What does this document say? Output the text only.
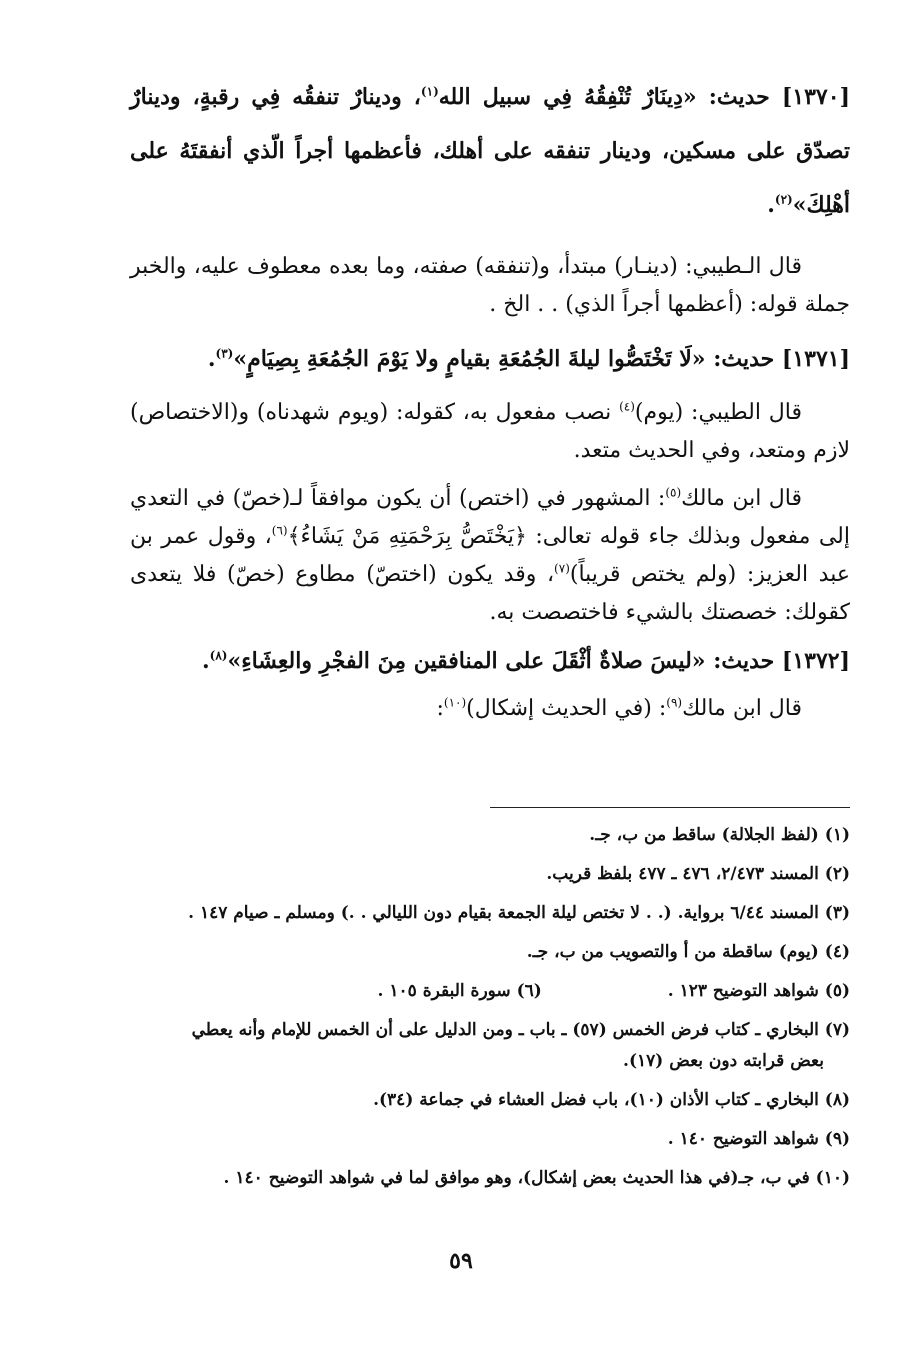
[١٣٧٠] حديث: «دِينَارٌ تُنْفِقُهُ فِي سبيل الله$^{(١)}$، ودينارٌ تنفقُه فِي رقبةٍ، ودينارٌ تصدّق على مسكين، ودينار تنفقه على أهلك، فأعظمها أجراً الّذي أنفقتَهُ على أهْلِكَ»$^{(٢)}$.

قال الـطيبي: (دينـار) مبتدأ، و(تنفقه) صفته، وما بعده معطوف عليه، والخبر جملة قوله: (أعظمها أجراً الذي) . . الخ .

[١٣٧١] حديث: «لَا تَخْتَصُّوا ليلةَ الجُمُعَةِ بقيامٍ ولا يَوْمَ الجُمُعَةِ بِصِيَامٍ»$^{(٣)}$.

قال الطيبي: (يوم)$^{(٤)}$ نصب مفعول به، كقوله: (ويوم شهدناه) و(الاختصاص) لازم ومتعد، وفي الحديث متعد.

قال ابن مالك$^{(٥)}$: المشهور في (اختص) أن يكون موافقاً لـ(خصّ) في التعدي إلى مفعول وبذلك جاء قوله تعالى: ﴿يَخْتَصُّ بِرَحْمَتِهِ مَنْ يَشَاءُ﴾$^{(٦)}$، وقول عمر بن عبد العزيز: (ولم يختص قريباً)$^{(٧)}$، وقد يكون (اختصّ) مطاوع (خصّ) فلا يتعدى كقولك: خصصتك بالشيء فاختصصت به.

[١٣٧٢] حديث: «ليسَ صلاةٌ أثْقَلَ على المنافقين مِنَ الفجْرِ والعِشَاءِ»$^{(٨)}$.

قال ابن مالك$^{(٩)}$: (في الحديث إشكال)$^{(١٠)}$:

(١) (لفظ الجلالة) ساقط من ب، جـ.

(٢) المسند ٢/٤٧٣، ٤٧٦ ـ ٤٧٧ بلفظ قريب.

(٣) المسند ٦/٤٤ برواية. (. . لا تختص ليلة الجمعة بقيام دون الليالي . .) ومسلم ـ صيام ١٤٧ .

(٤) (يوم) ساقطة من أ والتصويب من ب، جـ.

(٥) شواهد التوضيح ١٢٣ . (٦) سورة البقرة ١٠٥ .

(٧) البخاري ـ كتاب فرض الخمس (٥٧) ـ باب ـ ومن الدليل على أن الخمس للإمام وأنه يعطي
بعض قرابته دون بعض (١٧).

(٨) البخاري ـ كتاب الأذان (١٠)، باب فضل العشاء في جماعة (٣٤).

(٩) شواهد التوضيح ١٤٠ .

(١٠) في ب، جـ(في هذا الحديث بعض إشكال)، وهو موافق لما في شواهد التوضيح ١٤٠ .

٥٩
